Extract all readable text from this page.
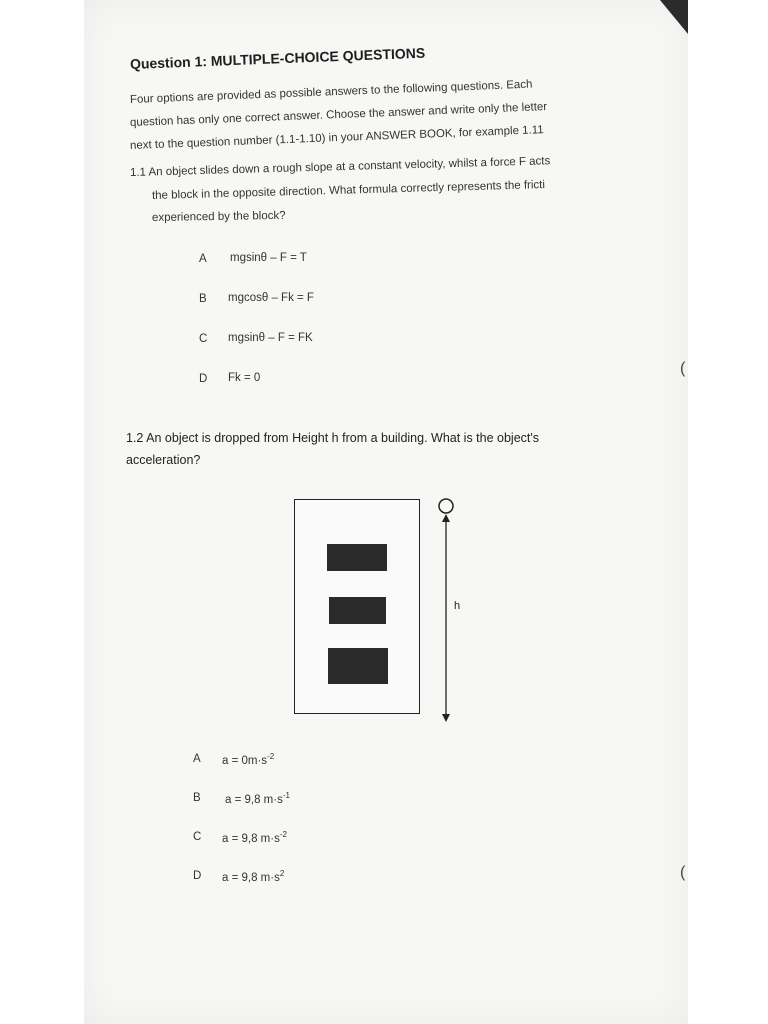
Question 1: MULTIPLE-CHOICE QUESTIONS
Four options are provided as possible answers to the following questions. Each
question has only one correct answer. Choose the answer and write only the letter
next to the question number (1.1-1.10) in your ANSWER BOOK, for example 1.11
1.1 An object slides down a rough slope at a constant velocity, whilst a force F acts
the block in the opposite direction. What formula correctly represents the fricti
experienced by the block?
A mgsinθ – F = T
B mgcosθ – Fk = F
C mgsinθ – F = FK
D Fk = 0
(
1.2 An object is dropped from Height h from a building. What is the object's
acceleration?
h
A $a = 0m\cdot s^{-2}$
B a = 9,8 $m\cdot s^{-1}$
C a = 9,8 $m\cdot s^{-2}$
D a = 9,8 $m\cdot s^2$	(
